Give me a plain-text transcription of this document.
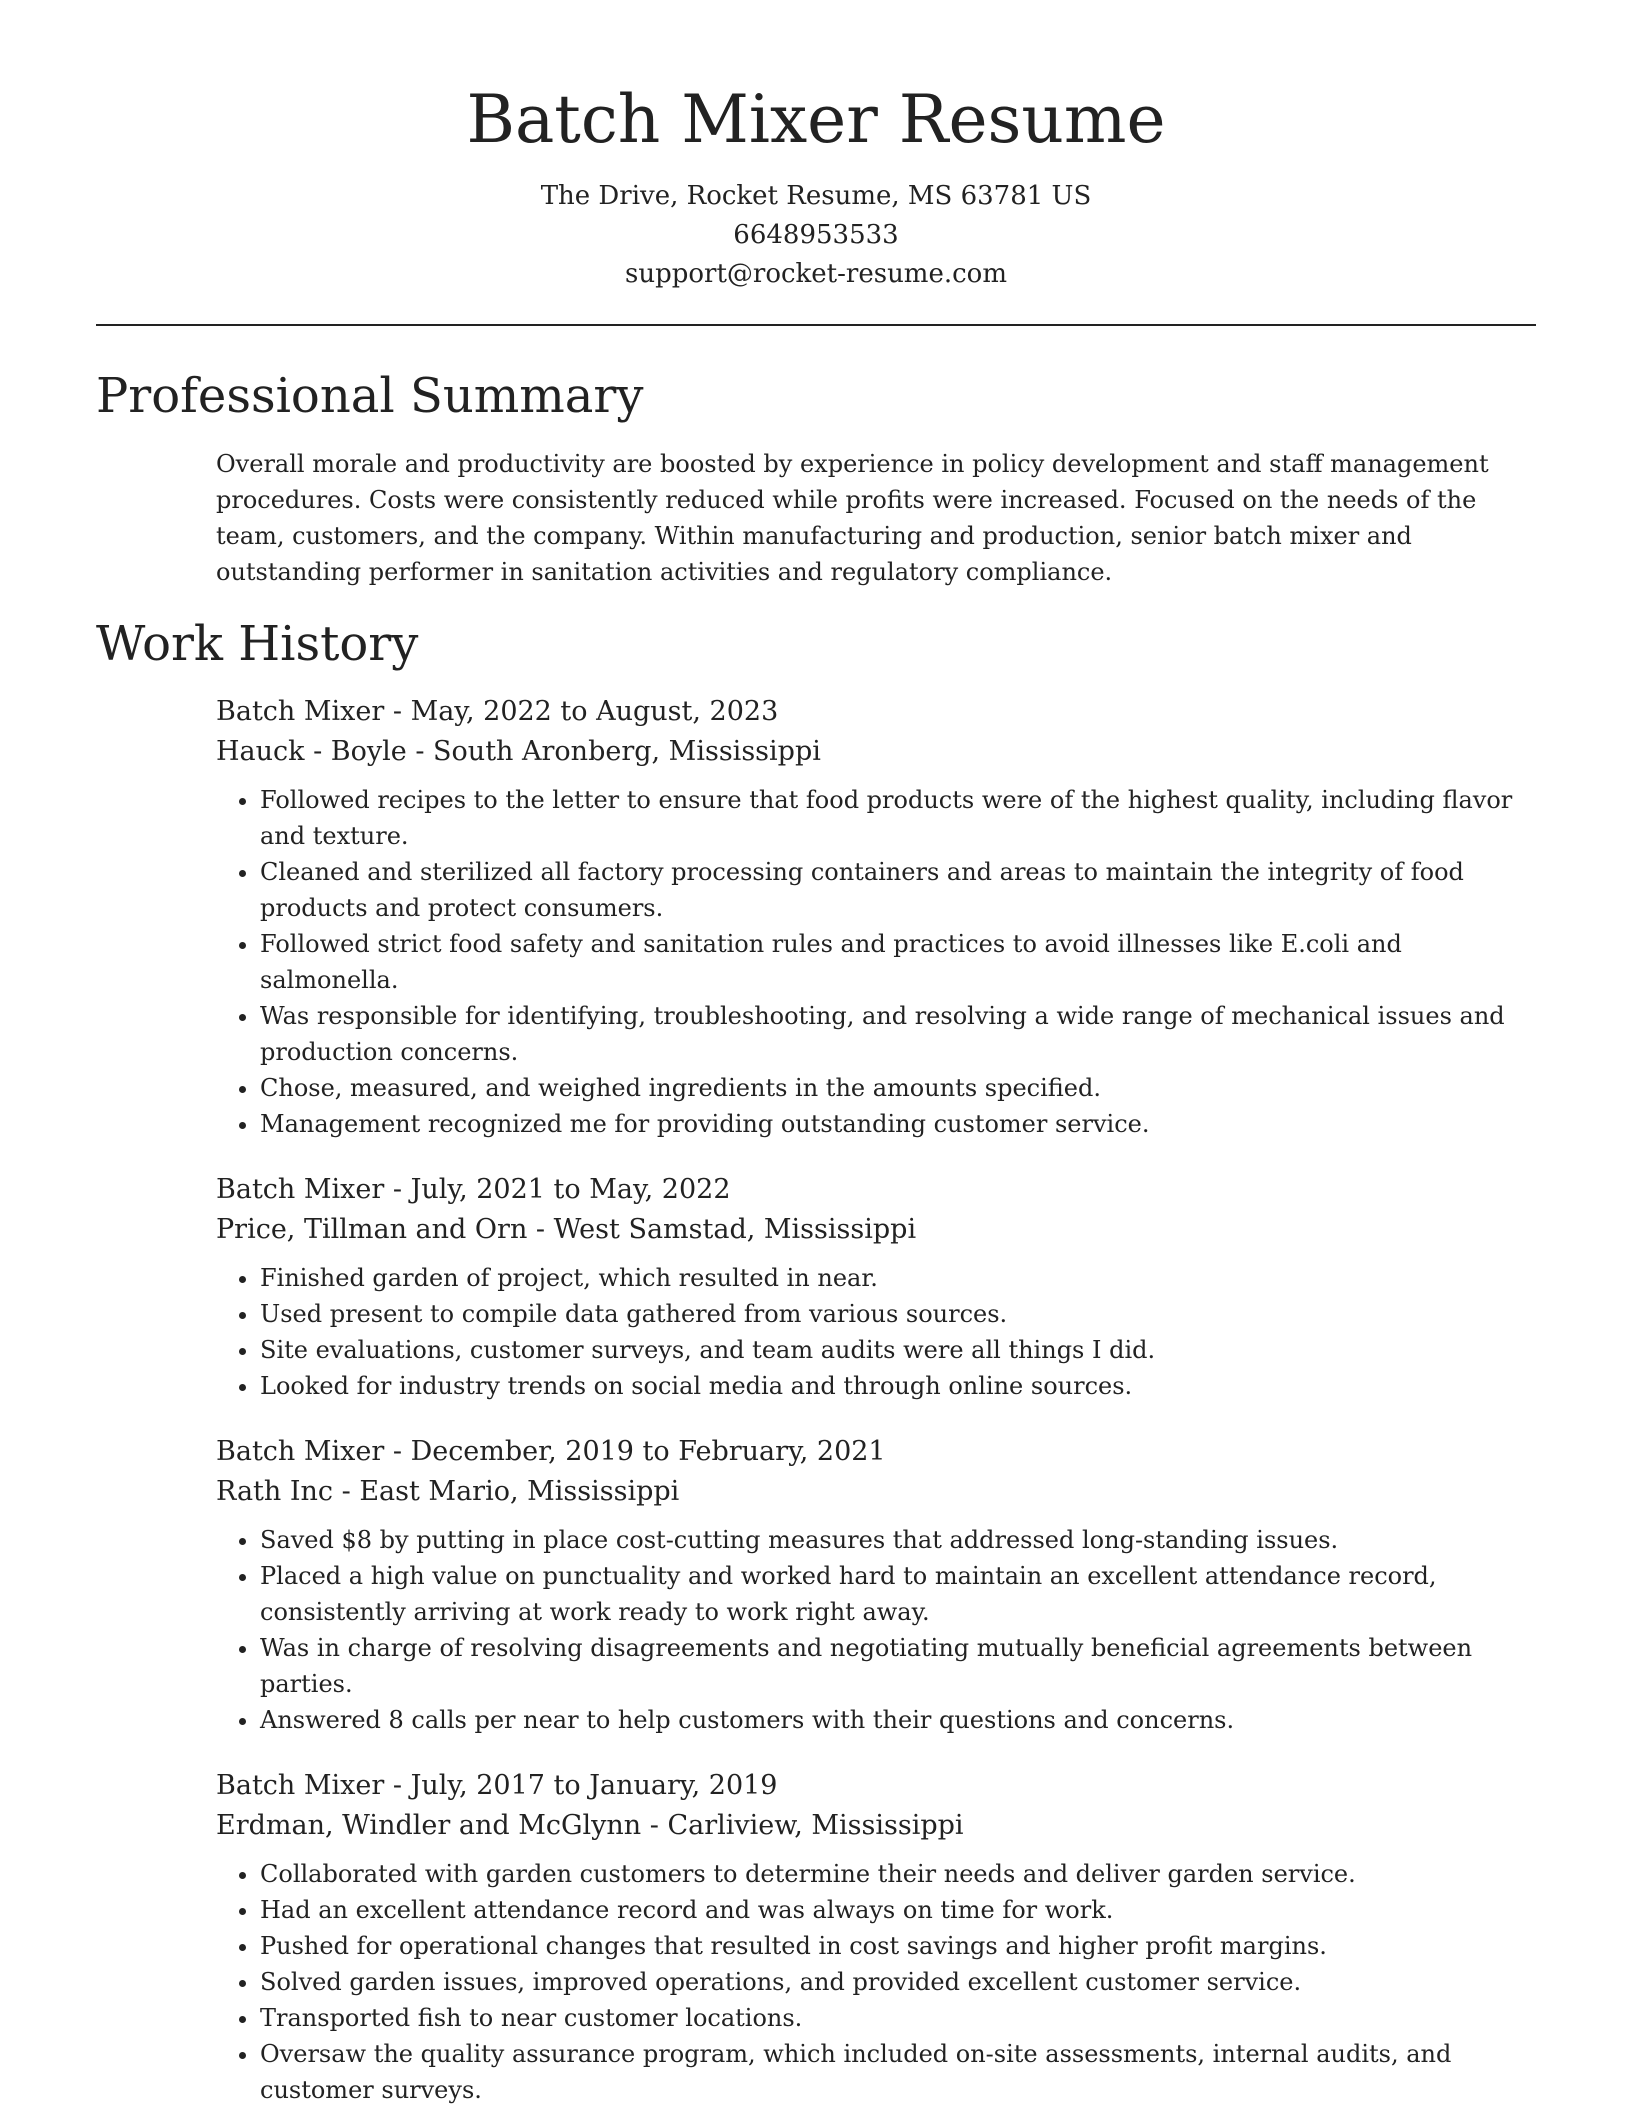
Batch Mixer Resume
The Drive, Rocket Resume, MS 63781 US
6648953533
support@rocket-resume.com
Professional Summary

Overall morale and productivity are boosted by experience in policy development and staff management procedures. Costs were consistently reduced while profits were increased. Focused on the needs of the team, customers, and the company. Within manufacturing and production, senior batch mixer and outstanding performer in sanitation activities and regulatory compliance.

Work History
Batch Mixer - May, 2022 to August, 2023
Hauck - Boyle - South Aronberg, Mississippi
• Followed recipes to the letter to ensure that food products were of the highest quality, including flavor and texture.
• Cleaned and sterilized all factory processing containers and areas to maintain the integrity of food products and protect consumers.
• Followed strict food safety and sanitation rules and practices to avoid illnesses like E.coli and salmonella.
• Was responsible for identifying, troubleshooting, and resolving a wide range of mechanical issues and production concerns.
• Chose, measured, and weighed ingredients in the amounts specified.
• Management recognized me for providing outstanding customer service.
Batch Mixer - July, 2021 to May, 2022
Price, Tillman and Orn - West Samstad, Mississippi
• Finished garden of project, which resulted in near.
• Used present to compile data gathered from various sources.
• Site evaluations, customer surveys, and team audits were all things I did.
• Looked for industry trends on social media and through online sources.
Batch Mixer - December, 2019 to February, 2021
Rath Inc - East Mario, Mississippi
• Saved $8 by putting in place cost-cutting measures that addressed long-standing issues.
• Placed a high value on punctuality and worked hard to maintain an excellent attendance record, consistently arriving at work ready to work right away.
• Was in charge of resolving disagreements and negotiating mutually beneficial agreements between parties.
• Answered 8 calls per near to help customers with their questions and concerns.
Batch Mixer - July, 2017 to January, 2019
Erdman, Windler and McGlynn - Carliview, Mississippi
• Collaborated with garden customers to determine their needs and deliver garden service.
• Had an excellent attendance record and was always on time for work.
• Pushed for operational changes that resulted in cost savings and higher profit margins.
• Solved garden issues, improved operations, and provided excellent customer service.
• Transported fish to near customer locations.
• Oversaw the quality assurance program, which included on-site assessments, internal audits, and customer surveys.
